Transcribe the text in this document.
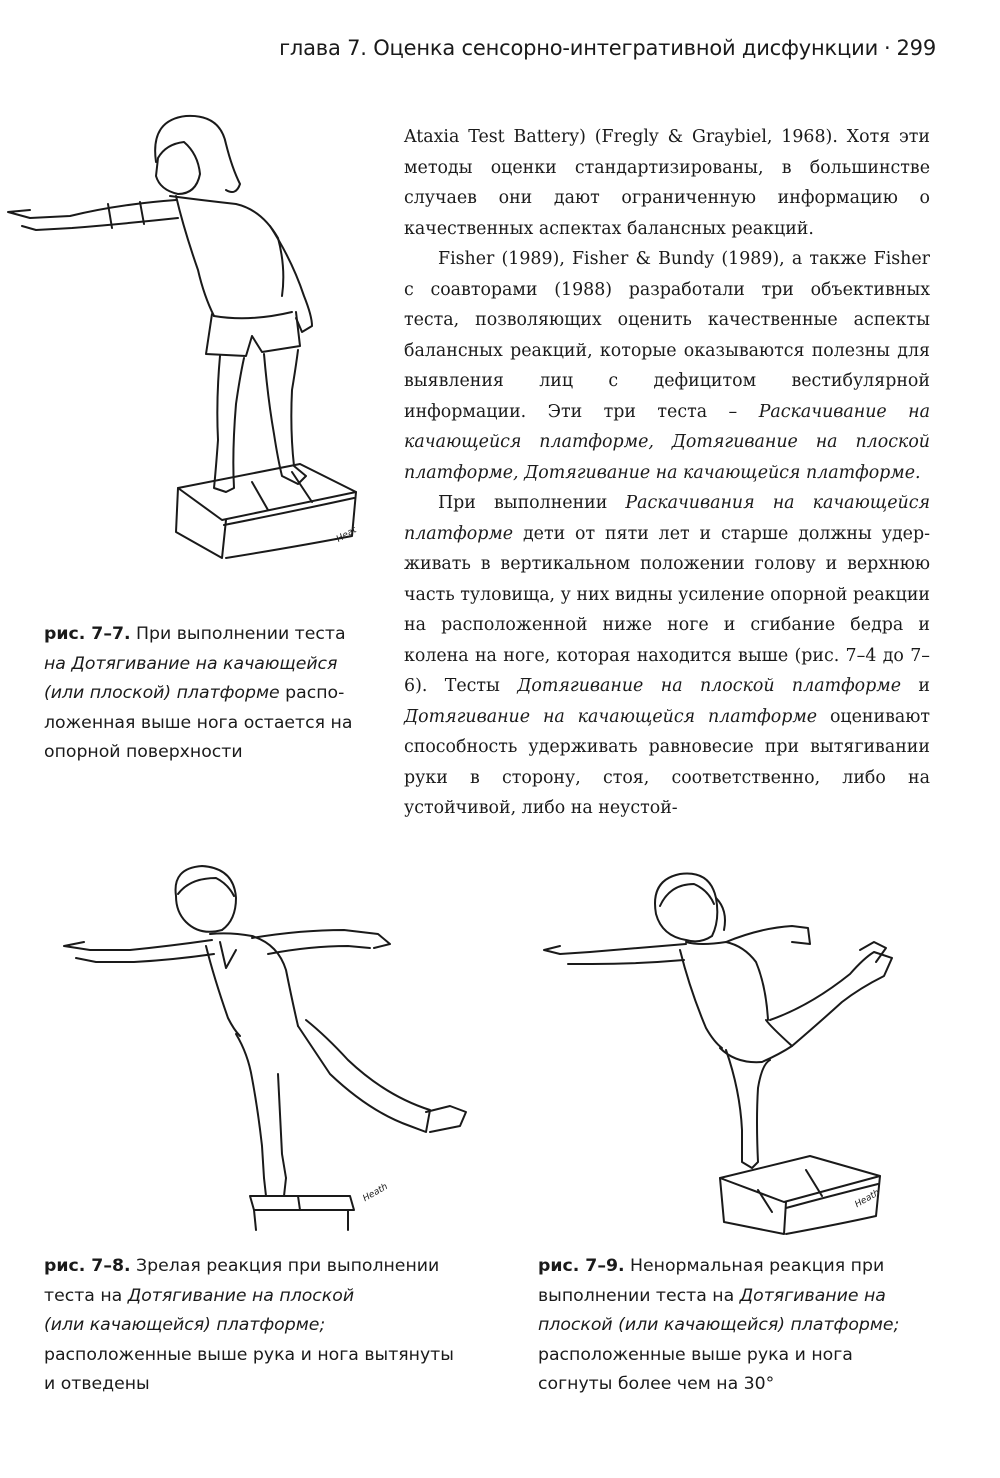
глава 7. Оценка сенсорно-интегративной дисфункции · 299

Ataxia Test Battery) (Fregly & Graybiel, 1968). Хотя эти методы оценки стандартизированы, в большинстве случаев они дают ограниченную информацию о качественных аспектах балансных реакций.

Fisher (1989), Fisher & Bundy (1989), а также Fisher с соавторами (1988) разработали три объективных теста, позволяющих оценить качественные аспекты балансных реакций, которые оказываются полезны для выявления лиц с дефицитом вестибулярной информации. Эти три теста – Раскачивание на качающейся платформе, Дотягивание на плоской платформе, Дотягивание на качающейся платформе.

При выполнении Раскачивания на качающейся платформе дети от пяти лет и старше должны удерживать в вертикальном положении голову и верхнюю часть туловища, у них видны усиление опорной реакции на расположенной ниже ноге и сгибание бедра и колена на ноге, которая находится выше (рис. 7–4 до 7–6). Тесты Дотягивание на плоской платформе и Дотягивание на качающейся платформе оценивают способность удерживать равновесие при вытягивании руки в сторону, стоя, соответственно, либо на устойчивой, либо на неустой-

Heat
рис. 7–7. При выполнении теста
на Дотягивание на качающейся
(или плоской) платформе распо-
ложенная выше нога остается на
опорной поверхности
Heath	Heath
рис. 7–8. Зрелая реакция при выполнении
теста на Дотягивание на плоской
(или качающейся) платформе;
расположенные выше рука и нога вытянуты
и отведены
рис. 7–9. Ненормальная реакция при
выполнении теста на Дотягивание на
плоской (или качающейся) платформе;
расположенные выше рука и нога
согнуты более чем на 30°
